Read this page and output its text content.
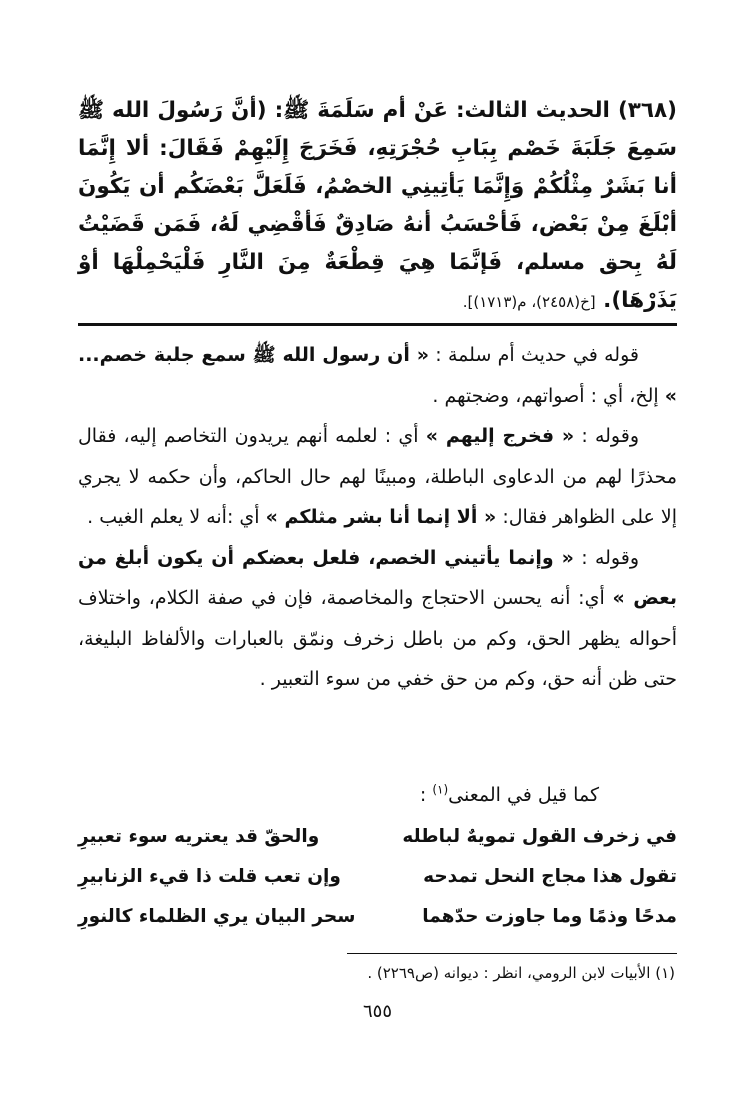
(٣٦٨) الحديث الثالث: عَنْ أم سَلَمَةَ ﷺ: (أنَّ رَسُولَ الله ﷺ سَمِعَ جَلَبَةَ خَصْم بِبَابِ حُجْرَتِهِ، فَخَرَجَ إِلَيْهِمْ فَقَالَ: ألا إِنَّمَا أنا بَشَرٌ مِثْلُكُمْ وَإِنَّمَا يَأتِينِي الخصْمُ، فَلَعَلَّ بَعْضَكُم أن يَكُونَ أبْلَغَ مِنْ بَعْض، فَأحْسَبُ أنهُ صَادِقٌ فَأقْضِي لَهُ، فَمَن قَضَيْتُ لَهُ بِحق مسلم، فَإنَّمَا هِيَ قِطْعَةٌ مِنَ النَّارِ فَلْيَحْمِلْهَا أوْ يَذَرْهَا). [خ(٢٤٥٨)، م(١٧١٣)].

قوله في حديث أم سلمة : « أن رسول الله ﷺ سمع جلبة خصم... » إلخ، أي : أصواتهم، وضجتهم .

وقوله : « فخرج إليهم » أي : لعلمه أنهم يريدون التخاصم إليه، فقال محذرًا لهم من الدعاوى الباطلة، ومبينًا لهم حال الحاكم، وأن حكمه لا يجري إلا على الظواهر فقال: « ألا إنما أنا بشر مثلكم » أي :أنه لا يعلم الغيب .

وقوله : « وإنما يأتيني الخصم، فلعل بعضكم أن يكون أبلغ من بعض » أي: أنه يحسن الاحتجاج والمخاصمة، فإن في صفة الكلام، واختلاف أحواله يظهر الحق، وكم من باطل زخرف ونمّق بالعبارات والألفاظ البليغة، حتى ظن أنه حق، وكم من حق خفي من سوء التعبير .

كما قيل في المعنى$^{(١)}$ :
في زخرف القول تمويهٌ لباطله
والحقّ قد يعتريه سوء تعبيرِ
تقول هذا مجاج النحل تمدحه
وإن تعب قلت ذا قيء الزنابيرِ
مدحًا وذمًا وما جاوزت حدّهما
سحر البيان يري الظلماء كالنورِ
(١) الأبيات لابن الرومي، انظر : ديوانه (ص٢٢٦٩) .
٦٥٥
